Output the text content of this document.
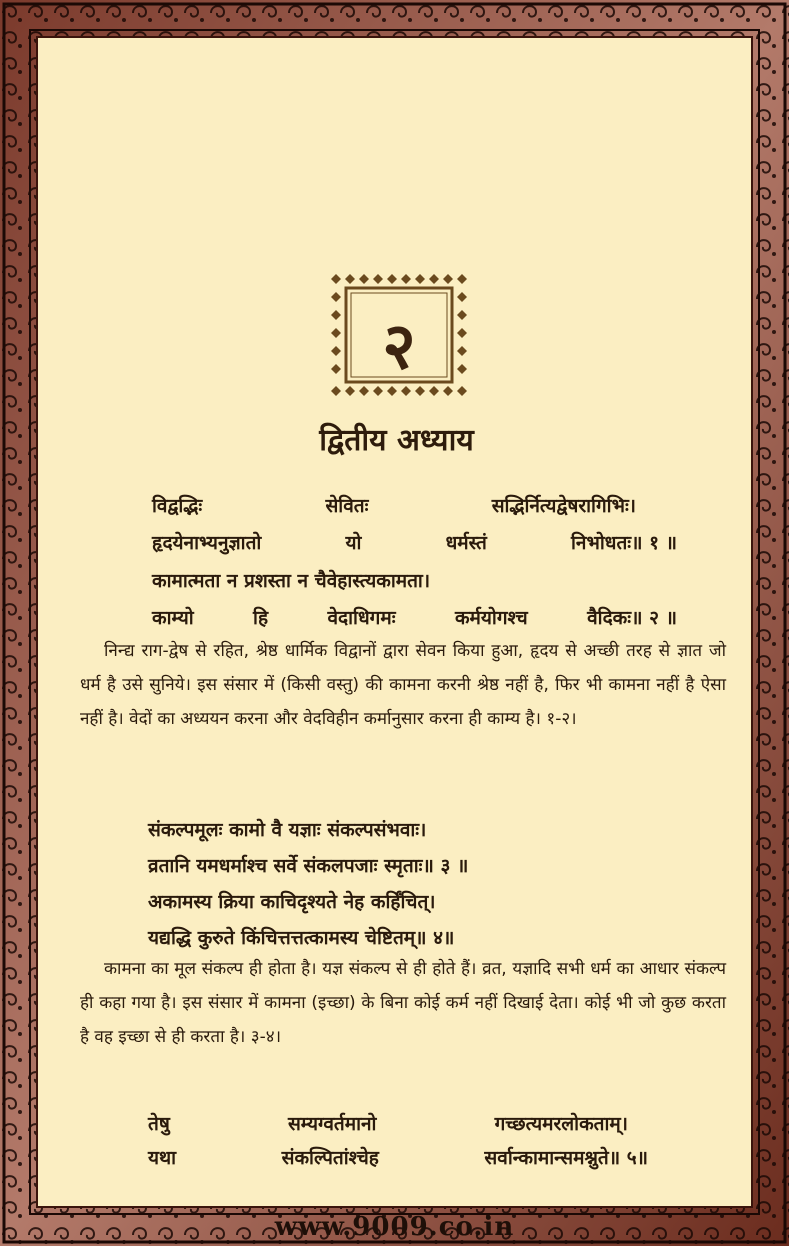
२
द्वितीय अध्याय
विद्वद्भिः	सेवितः	सद्भिर्नित्यद्वेषरागिभिः।
हृदयेनाभ्यनुज्ञातो	यो	धर्मस्तं	निभोधतः॥ १ ॥
कामात्मता न प्रशस्ता न चैवेहास्त्यकामता।
काम्यो	हि	वेदाधिगमः	कर्मयोगश्च	वैदिकः॥ २ ॥
निन्द्य राग-द्वेष से रहित, श्रेष्ठ धार्मिक विद्वानों द्वारा सेवन किया हुआ, हृदय से अच्छी तरह से ज्ञात जो धर्म है उसे सुनिये। इस संसार में (किसी वस्तु) की कामना करनी श्रेष्ठ नहीं है, फिर भी कामना नहीं है ऐसा नहीं है। वेदों का अध्ययन करना और वेदविहीन कर्मानुसार करना ही काम्य है। १-२।
संकल्पमूलः कामो वै यज्ञाः संकल्पसंभवाः।
व्रतानि यमधर्माश्च सर्वे संकलपजाः स्मृताः॥ ३ ॥
अकामस्य क्रिया काचिदृश्यते नेह कर्हिंचित्।
यद्यद्धि कुरुते किंचित्तत्तत्कामस्य चेष्टितम्॥ ४॥
कामना का मूल संकल्प ही होता है। यज्ञ संकल्प से ही होते हैं। व्रत, यज्ञादि सभी धर्म का आधार संकल्प ही कहा गया है। इस संसार में कामना (इच्छा) के बिना कोई कर्म नहीं दिखाई देता। कोई भी जो कुछ करता है वह इच्छा से ही करता है। ३-४।
तेषु	सम्यग्वर्तमानो	गच्छत्यमरलोकताम्।
यथा	संकल्पितांश्चेह	सर्वान्कामान्समश्नुते॥ ५॥
www.9009.co.in
